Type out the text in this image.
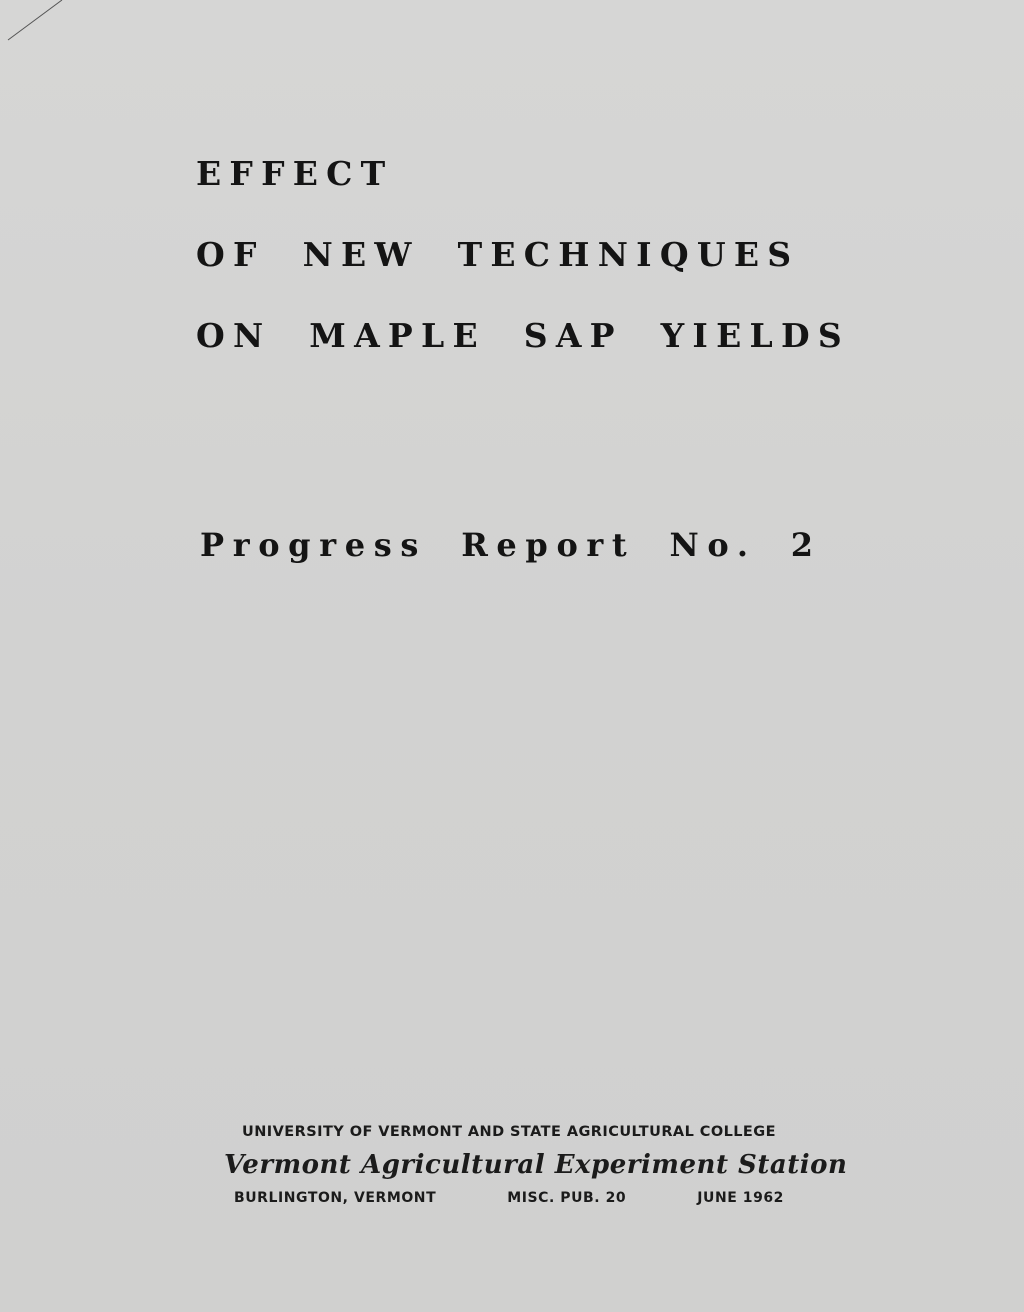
EFFECT
OF NEW TECHNIQUES
ON MAPLE SAP YIELDS
Progress Report No. 2
UNIVERSITY OF VERMONT AND STATE AGRICULTURAL COLLEGE
Vermont Agricultural Experiment Station
BURLINGTON, VERMONT	MISC. PUB. 20	JUNE 1962
